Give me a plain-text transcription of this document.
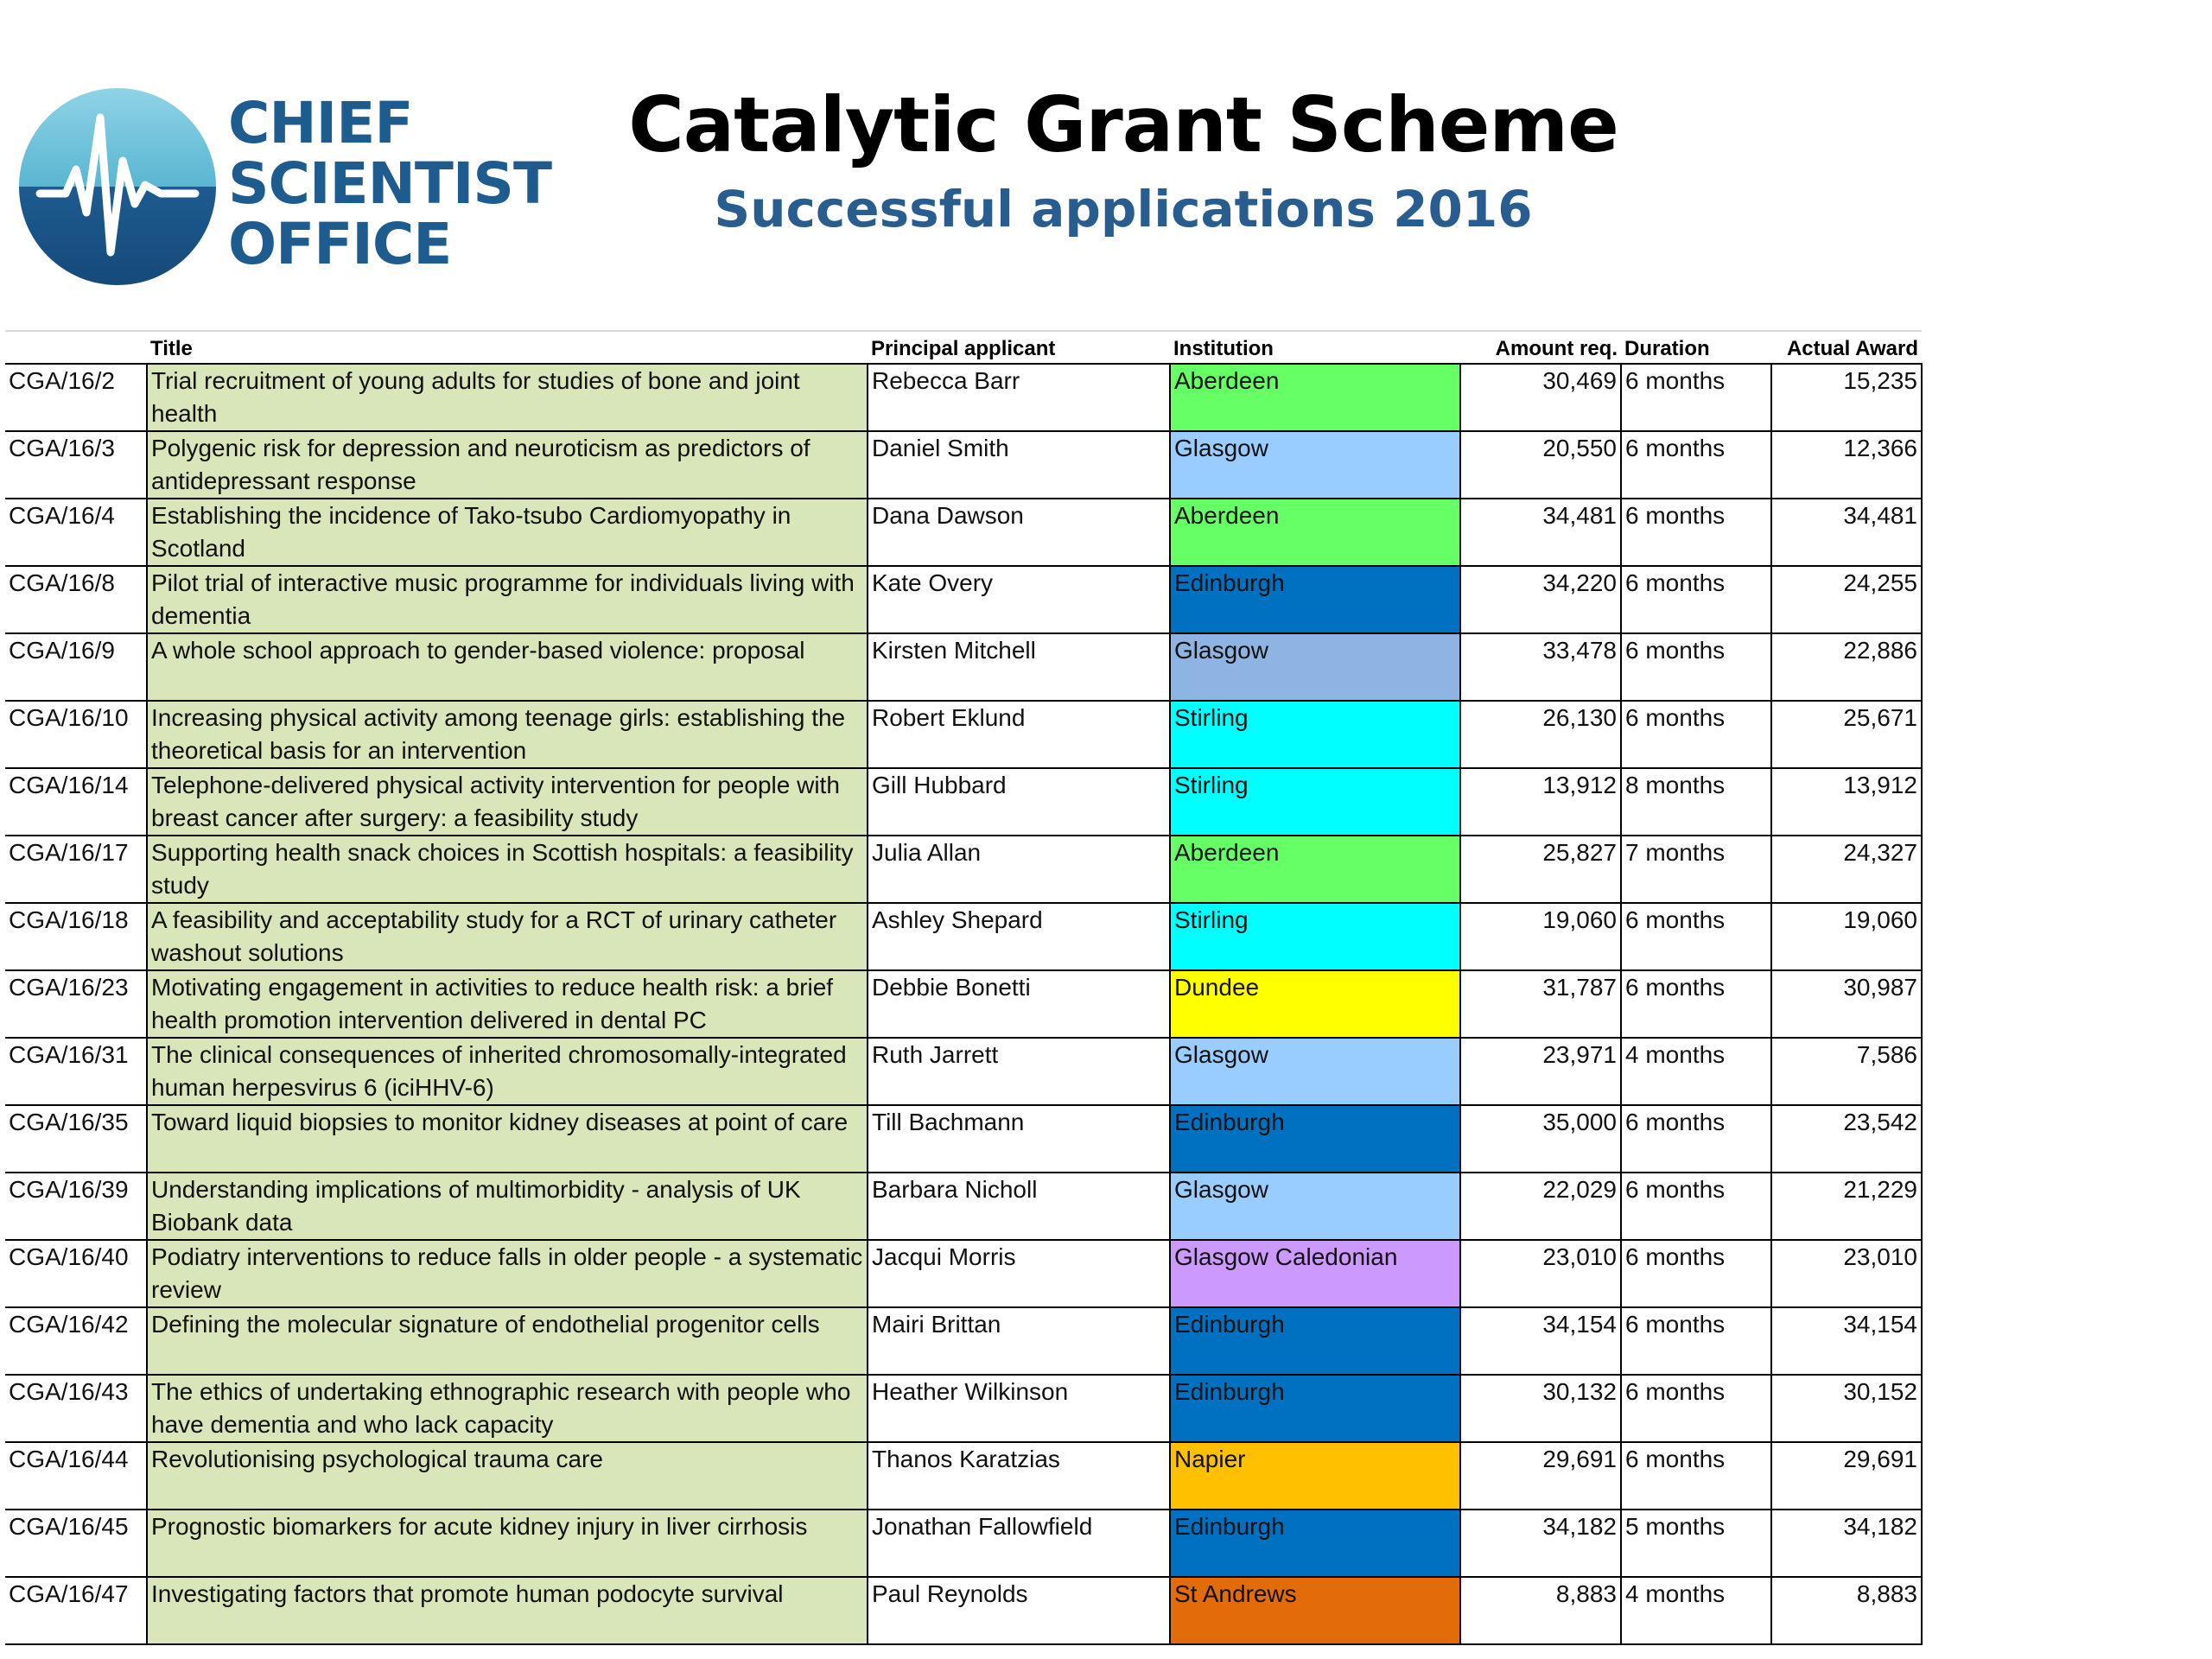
CHIEF
SCIENTIST
OFFICE
Catalytic Grant Scheme
Successful applications 2016
	Title	Principal applicant	Institution	Amount req.	Duration	Actual Award
CGA/16/2	Trial recruitment of young adults for studies of bone and joint health	Rebecca Barr	Aberdeen	30,469	6 months	15,235
CGA/16/3	Polygenic risk for depression and neuroticism as predictors of antidepressant response	Daniel Smith	Glasgow	20,550	6 months	12,366
CGA/16/4	Establishing the incidence of Tako-tsubo Cardiomyopathy in Scotland	Dana Dawson	Aberdeen	34,481	6 months	34,481
CGA/16/8	Pilot trial of interactive music programme for individuals living with dementia	Kate Overy	Edinburgh	34,220	6 months	24,255
CGA/16/9	A whole school approach to gender-based violence: proposal	Kirsten Mitchell	Glasgow	33,478	6 months	22,886
CGA/16/10	Increasing physical activity among teenage girls: establishing the theoretical basis for an intervention	Robert Eklund	Stirling	26,130	6 months	25,671
CGA/16/14	Telephone-delivered physical activity intervention for people with breast cancer after surgery: a feasibility study	Gill Hubbard	Stirling	13,912	8 months	13,912
CGA/16/17	Supporting health snack choices in Scottish hospitals: a feasibility study	Julia Allan	Aberdeen	25,827	7 months	24,327
CGA/16/18	A feasibility and acceptability study for a RCT of urinary catheter washout solutions	Ashley Shepard	Stirling	19,060	6 months	19,060
CGA/16/23	Motivating engagement in activities to reduce health risk: a brief health promotion intervention delivered in dental PC	Debbie Bonetti	Dundee	31,787	6 months	30,987
CGA/16/31	The clinical consequences of inherited chromosomally-integrated human herpesvirus 6 (iciHHV-6)	Ruth Jarrett	Glasgow	23,971	4 months	7,586
CGA/16/35	Toward liquid biopsies to monitor kidney diseases at point of care	Till Bachmann	Edinburgh	35,000	6 months	23,542
CGA/16/39	Understanding implications of multimorbidity - analysis of UK Biobank data	Barbara Nicholl	Glasgow	22,029	6 months	21,229
CGA/16/40	Podiatry interventions to reduce falls in older people - a systematic review	Jacqui Morris	Glasgow Caledonian	23,010	6 months	23,010
CGA/16/42	Defining the molecular signature of endothelial progenitor cells	Mairi Brittan	Edinburgh	34,154	6 months	34,154
CGA/16/43	The ethics of undertaking ethnographic research with people who have dementia and who lack capacity	Heather Wilkinson	Edinburgh	30,132	6 months	30,152
CGA/16/44	Revolutionising psychological trauma care	Thanos Karatzias	Napier	29,691	6 months	29,691
CGA/16/45	Prognostic biomarkers for acute kidney injury in liver cirrhosis	Jonathan Fallowfield	Edinburgh	34,182	5 months	34,182
CGA/16/47	Investigating factors that promote human podocyte survival	Paul Reynolds	St Andrews	8,883	4 months	8,883
